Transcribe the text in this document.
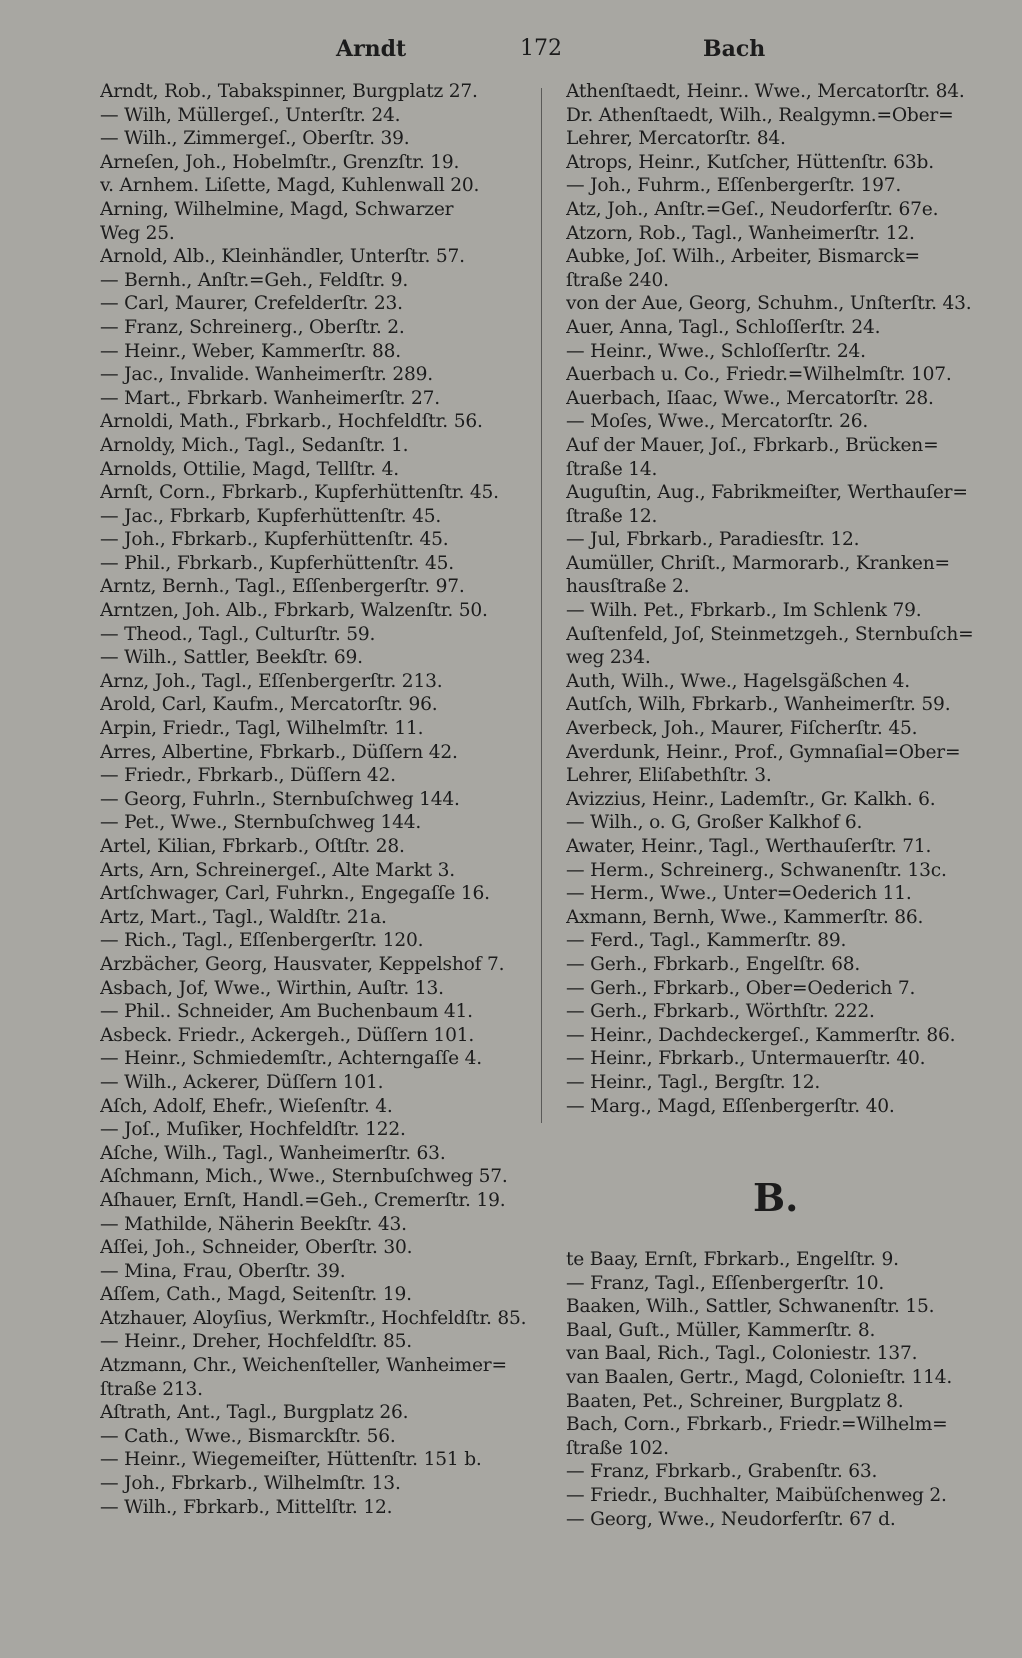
Arndt	172	Bach
Arndt, Rob., Tabakspinner, Burgplatz 27.
— Wilh, Müllergeſ., Unterſtr. 24.
— Wilh., Zimmergeſ., Oberſtr. 39.
Arneſen, Joh., Hobelmſtr., Grenzſtr. 19.
v. Arnhem. Liſette, Magd, Kuhlenwall 20.
Arning, Wilhelmine, Magd, Schwarzer
Weg 25.
Arnold, Alb., Kleinhändler, Unterſtr. 57.
— Bernh., Anſtr.=Geh., Feldſtr. 9.
— Carl, Maurer, Crefelderſtr. 23.
— Franz, Schreinerg., Oberſtr. 2.
— Heinr., Weber, Kammerſtr. 88.
— Jac., Invalide. Wanheimerſtr. 289.
— Mart., Fbrkarb. Wanheimerſtr. 27.
Arnoldi, Math., Fbrkarb., Hochfeldſtr. 56.
Arnoldy, Mich., Tagl., Sedanſtr. 1.
Arnolds, Ottilie, Magd, Tellſtr. 4.
Arnſt, Corn., Fbrkarb., Kupferhüttenſtr. 45.
— Jac., Fbrkarb, Kupferhüttenſtr. 45.
— Joh., Fbrkarb., Kupferhüttenſtr. 45.
— Phil., Fbrkarb., Kupferhüttenſtr. 45.
Arntz, Bernh., Tagl., Eſſenbergerſtr. 97.
Arntzen, Joh. Alb., Fbrkarb, Walzenſtr. 50.
— Theod., Tagl., Culturſtr. 59.
— Wilh., Sattler, Beekſtr. 69.
Arnz, Joh., Tagl., Eſſenbergerſtr. 213.
Arold, Carl, Kaufm., Mercatorſtr. 96.
Arpin, Friedr., Tagl, Wilhelmſtr. 11.
Arres, Albertine, Fbrkarb., Düſſern 42.
— Friedr., Fbrkarb., Düſſern 42.
— Georg, Fuhrln., Sternbuſchweg 144.
— Pet., Wwe., Sternbuſchweg 144.
Artel, Kilian, Fbrkarb., Oſtſtr. 28.
Arts, Arn, Schreinergeſ., Alte Markt 3.
Artſchwager, Carl, Fuhrkn., Engegaſſe 16.
Artz, Mart., Tagl., Waldſtr. 21a.
— Rich., Tagl., Eſſenbergerſtr. 120.
Arzbächer, Georg, Hausvater, Keppelshof 7.
Asbach, Jof, Wwe., Wirthin, Auſtr. 13.
— Phil.. Schneider, Am Buchenbaum 41.
Asbeck. Friedr., Ackergeh., Düſſern 101.
— Heinr., Schmiedemſtr., Achterngaſſe 4.
— Wilh., Ackerer, Düſſern 101.
Aſch, Adolf, Ehefr., Wieſenſtr. 4.
— Joſ., Muſiker, Hochfeldſtr. 122.
Aſche, Wilh., Tagl., Wanheimerſtr. 63.
Aſchmann, Mich., Wwe., Sternbuſchweg 57.
Aſhauer, Ernſt, Handl.=Geh., Cremerſtr. 19.
— Mathilde, Näherin Beekſtr. 43.
Aſſei, Joh., Schneider, Oberſtr. 30.
— Mina, Frau, Oberſtr. 39.
Aſſem, Cath., Magd, Seitenſtr. 19.
Atzhauer, Aloyſius, Werkmſtr., Hochfeldſtr. 85.
— Heinr., Dreher, Hochfeldſtr. 85.
Atzmann, Chr., Weichenſteller, Wanheimer=
ſtraße 213.
Aſtrath, Ant., Tagl., Burgplatz 26.
— Cath., Wwe., Bismarckſtr. 56.
— Heinr., Wiegemeiſter, Hüttenſtr. 151 b.
— Joh., Fbrkarb., Wilhelmſtr. 13.
— Wilh., Fbrkarb., Mittelſtr. 12.
Athenſtaedt, Heinr.. Wwe., Mercatorſtr. 84.
Dr. Athenſtaedt, Wilh., Realgymn.=Ober=
Lehrer, Mercatorſtr. 84.
Atrops, Heinr., Kutſcher, Hüttenſtr. 63b.
— Joh., Fuhrm., Eſſenbergerſtr. 197.
Atz, Joh., Anſtr.=Geſ., Neudorferſtr. 67e.
Atzorn, Rob., Tagl., Wanheimerſtr. 12.
Aubke, Joſ. Wilh., Arbeiter, Bismarck=
ſtraße 240.
von der Aue, Georg, Schuhm., Unſterſtr. 43.
Auer, Anna, Tagl., Schloſſerſtr. 24.
— Heinr., Wwe., Schloſſerſtr. 24.
Auerbach u. Co., Friedr.=Wilhelmſtr. 107.
Auerbach, Iſaac, Wwe., Mercatorſtr. 28.
— Moſes, Wwe., Mercatorſtr. 26.
Auf der Mauer, Joſ., Fbrkarb., Brücken=
ſtraße 14.
Auguſtin, Aug., Fabrikmeiſter, Werthauſer=
ſtraße 12.
— Jul, Fbrkarb., Paradiesſtr. 12.
Aumüller, Chriſt., Marmorarb., Kranken=
hausſtraße 2.
— Wilh. Pet., Fbrkarb., Im Schlenk 79.
Auſtenfeld, Joſ, Steinmetzgeh., Sternbuſch=
weg 234.
Auth, Wilh., Wwe., Hagelsgäßchen 4.
Autſch, Wilh, Fbrkarb., Wanheimerſtr. 59.
Averbeck, Joh., Maurer, Fiſcherſtr. 45.
Averdunk, Heinr., Prof., Gymnaſial=Ober=
Lehrer, Eliſabethſtr. 3.
Avizzius, Heinr., Lademſtr., Gr. Kalkh. 6.
— Wilh., o. G, Großer Kalkhof 6.
Awater, Heinr., Tagl., Werthauſerſtr. 71.
— Herm., Schreinerg., Schwanenſtr. 13c.
— Herm., Wwe., Unter=Oederich 11.
Axmann, Bernh, Wwe., Kammerſtr. 86.
— Ferd., Tagl., Kammerſtr. 89.
— Gerh., Fbrkarb., Engelſtr. 68.
— Gerh., Fbrkarb., Ober=Oederich 7.
— Gerh., Fbrkarb., Wörthſtr. 222.
— Heinr., Dachdeckergeſ., Kammerſtr. 86.
— Heinr., Fbrkarb., Untermauerſtr. 40.
— Heinr., Tagl., Bergſtr. 12.
— Marg., Magd, Eſſenbergerſtr. 40.
B.
te Baay, Ernſt, Fbrkarb., Engelſtr. 9.
— Franz, Tagl., Eſſenbergerſtr. 10.
Baaken, Wilh., Sattler, Schwanenſtr. 15.
Baal, Guſt., Müller, Kammerſtr. 8.
van Baal, Rich., Tagl., Coloniestr. 137.
van Baalen, Gertr., Magd, Colonieſtr. 114.
Baaten, Pet., Schreiner, Burgplatz 8.
Bach, Corn., Fbrkarb., Friedr.=Wilhelm=
ſtraße 102.
— Franz, Fbrkarb., Grabenſtr. 63.
— Friedr., Buchhalter, Maibüſchenweg 2.
— Georg, Wwe., Neudorferſtr. 67 d.
